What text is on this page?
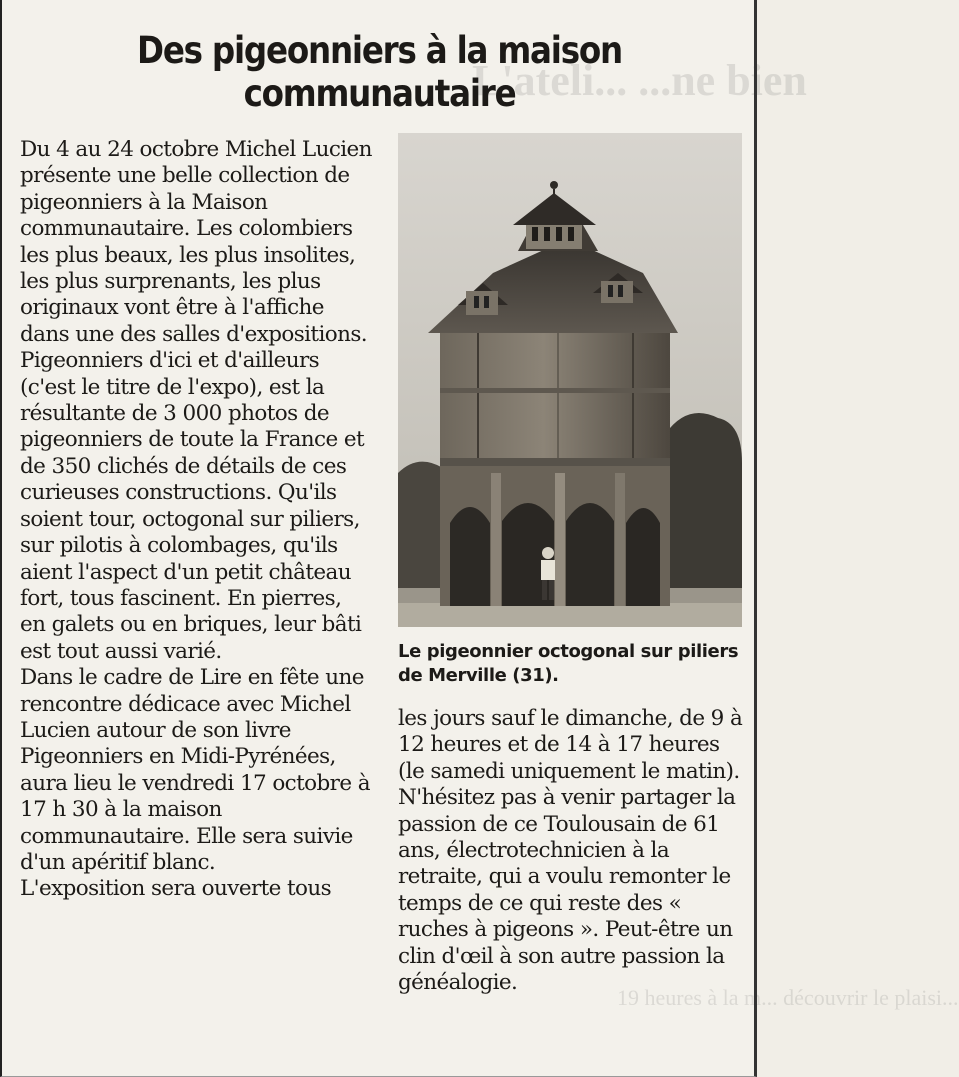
L'ateli... ...ne bien
19 heures à la m... découvrir le plaisi...
Des pigeonniers à la maison communautaire

Du 4 au 24 octobre Michel Lucien présente une belle collection de pigeonniers à la Maison communautaire. Les colombiers les plus beaux, les plus insolites, les plus surprenants, les plus originaux vont être à l'affiche dans une des salles d'expositions. Pigeonniers d'ici et d'ailleurs (c'est le titre de l'expo), est la résultante de 3 000 photos de pigeonniers de toute la France et de 350 clichés de détails de ces curieuses constructions. Qu'ils soient tour, octogonal sur piliers, sur pilotis à colombages, qu'ils aient l'aspect d'un petit château fort, tous fascinent. En pierres, en galets ou en briques, leur bâti est tout aussi varié.

Dans le cadre de Lire en fête une rencontre dédicace avec Michel Lucien autour de son livre Pigeonniers en Midi-Pyrénées, aura lieu le vendredi 17 octobre à 17 h 30 à la maison communautaire. Elle sera suivie d'un apéritif blanc.

L'exposition sera ouverte tous

Le pigeonnier octogonal sur piliers de Merville (31).

les jours sauf le dimanche, de 9 à 12 heures et de 14 à 17 heures (le samedi uniquement le matin). N'hésitez pas à venir partager la passion de ce Toulousain de 61 ans, électrotechnicien à la retraite, qui a voulu remonter le temps de ce qui reste des « ruches à pigeons ». Peut-être un clin d'œil à son autre passion la généalogie.
